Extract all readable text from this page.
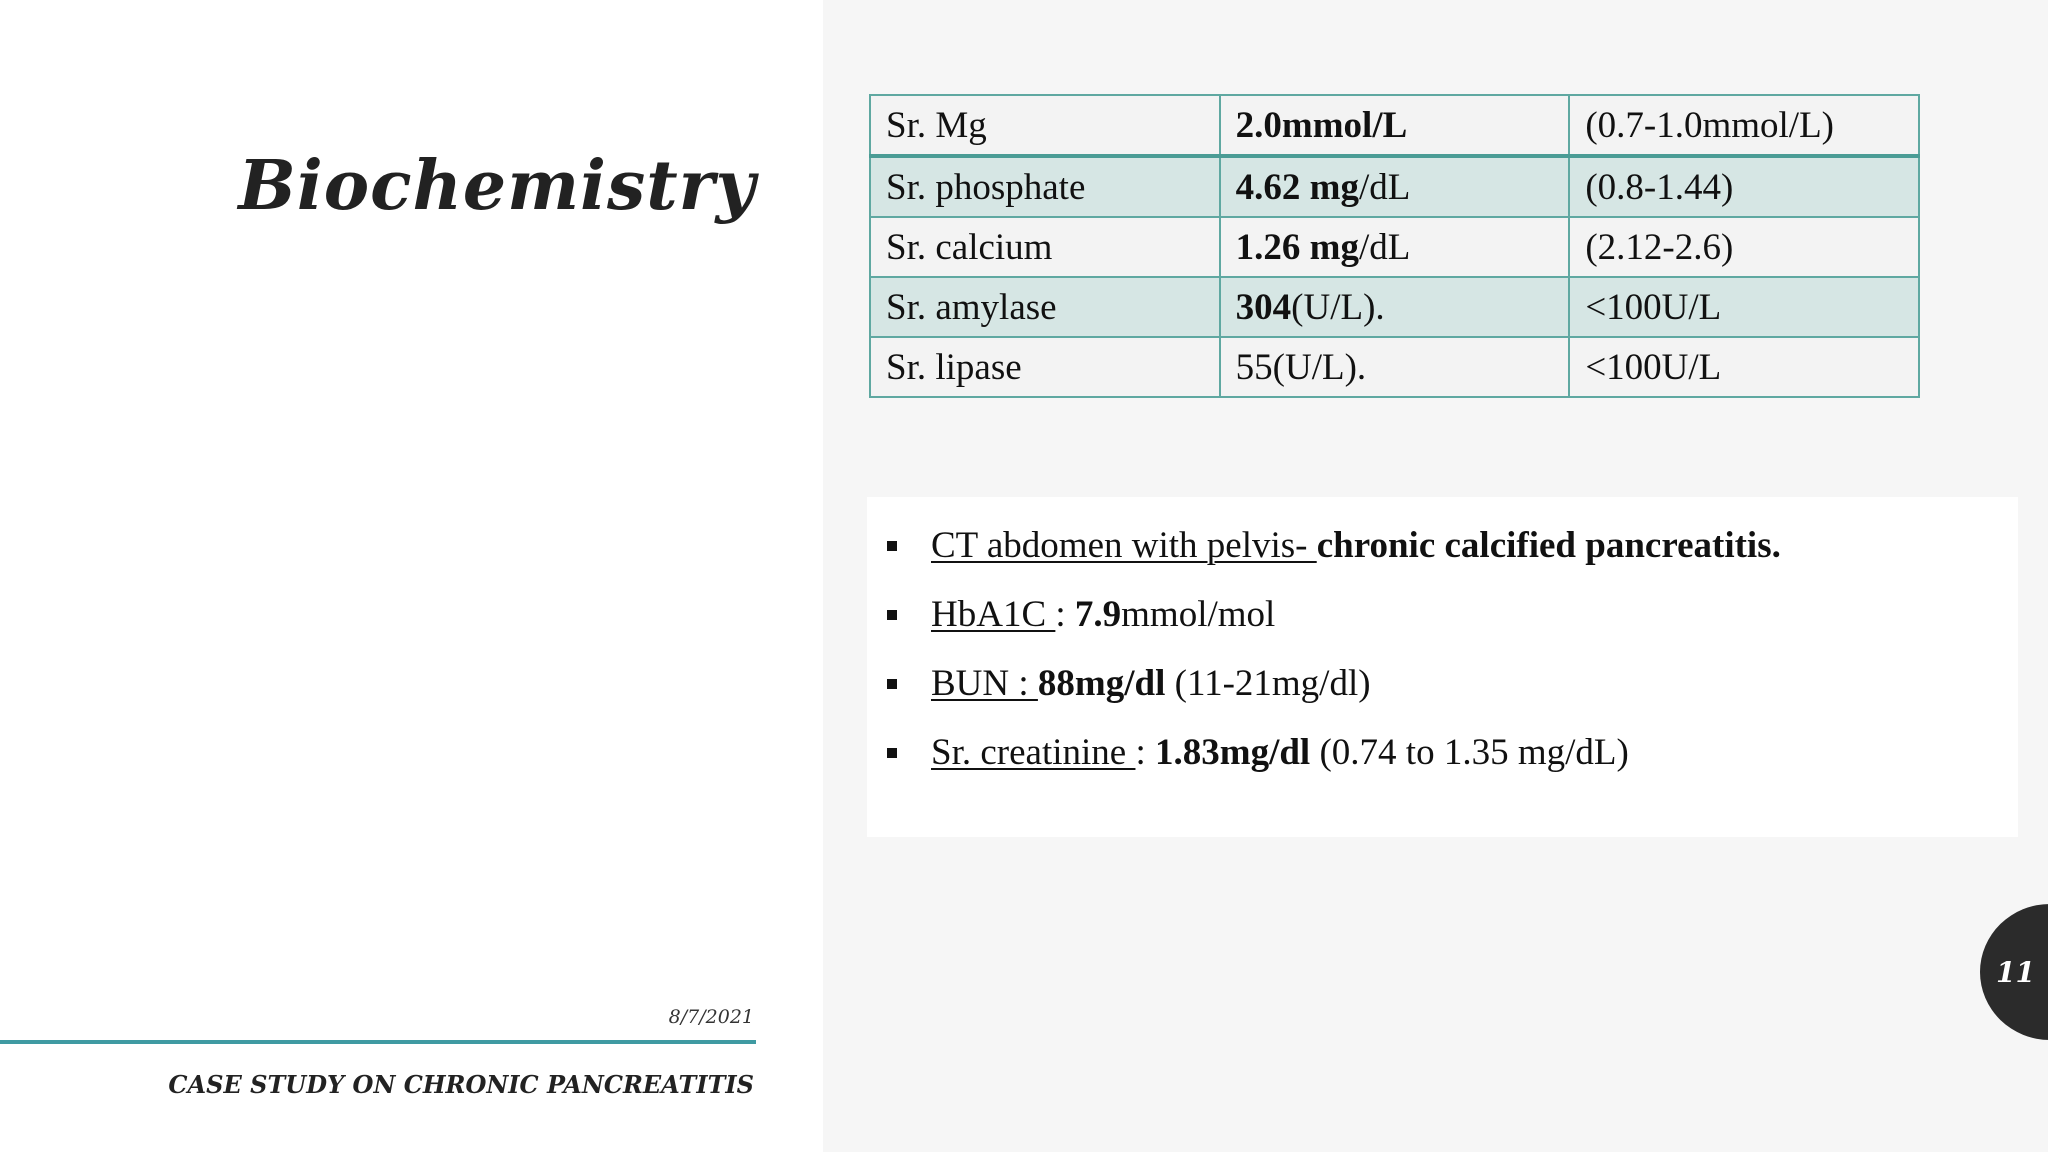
Biochemistry
Sr. Mg	2.0mmol/L	(0.7-1.0mmol/L)
Sr. phosphate	4.62 mg/dL	(0.8-1.44)
Sr. calcium	1.26 mg/dL	(2.12-2.6)
Sr. amylase	304(U/L).	<100U/L
Sr. lipase	55(U/L).	<100U/L
CT abdomen with pelvis- chronic calcified pancreatitis.
HbA1C : 7.9mmol/mol
BUN : 88mg/dl (11-21mg/dl)
Sr. creatinine : 1.83mg/dl (0.74 to 1.35 mg/dL)
8/7/2021
CASE STUDY ON CHRONIC PANCREATITIS
11
